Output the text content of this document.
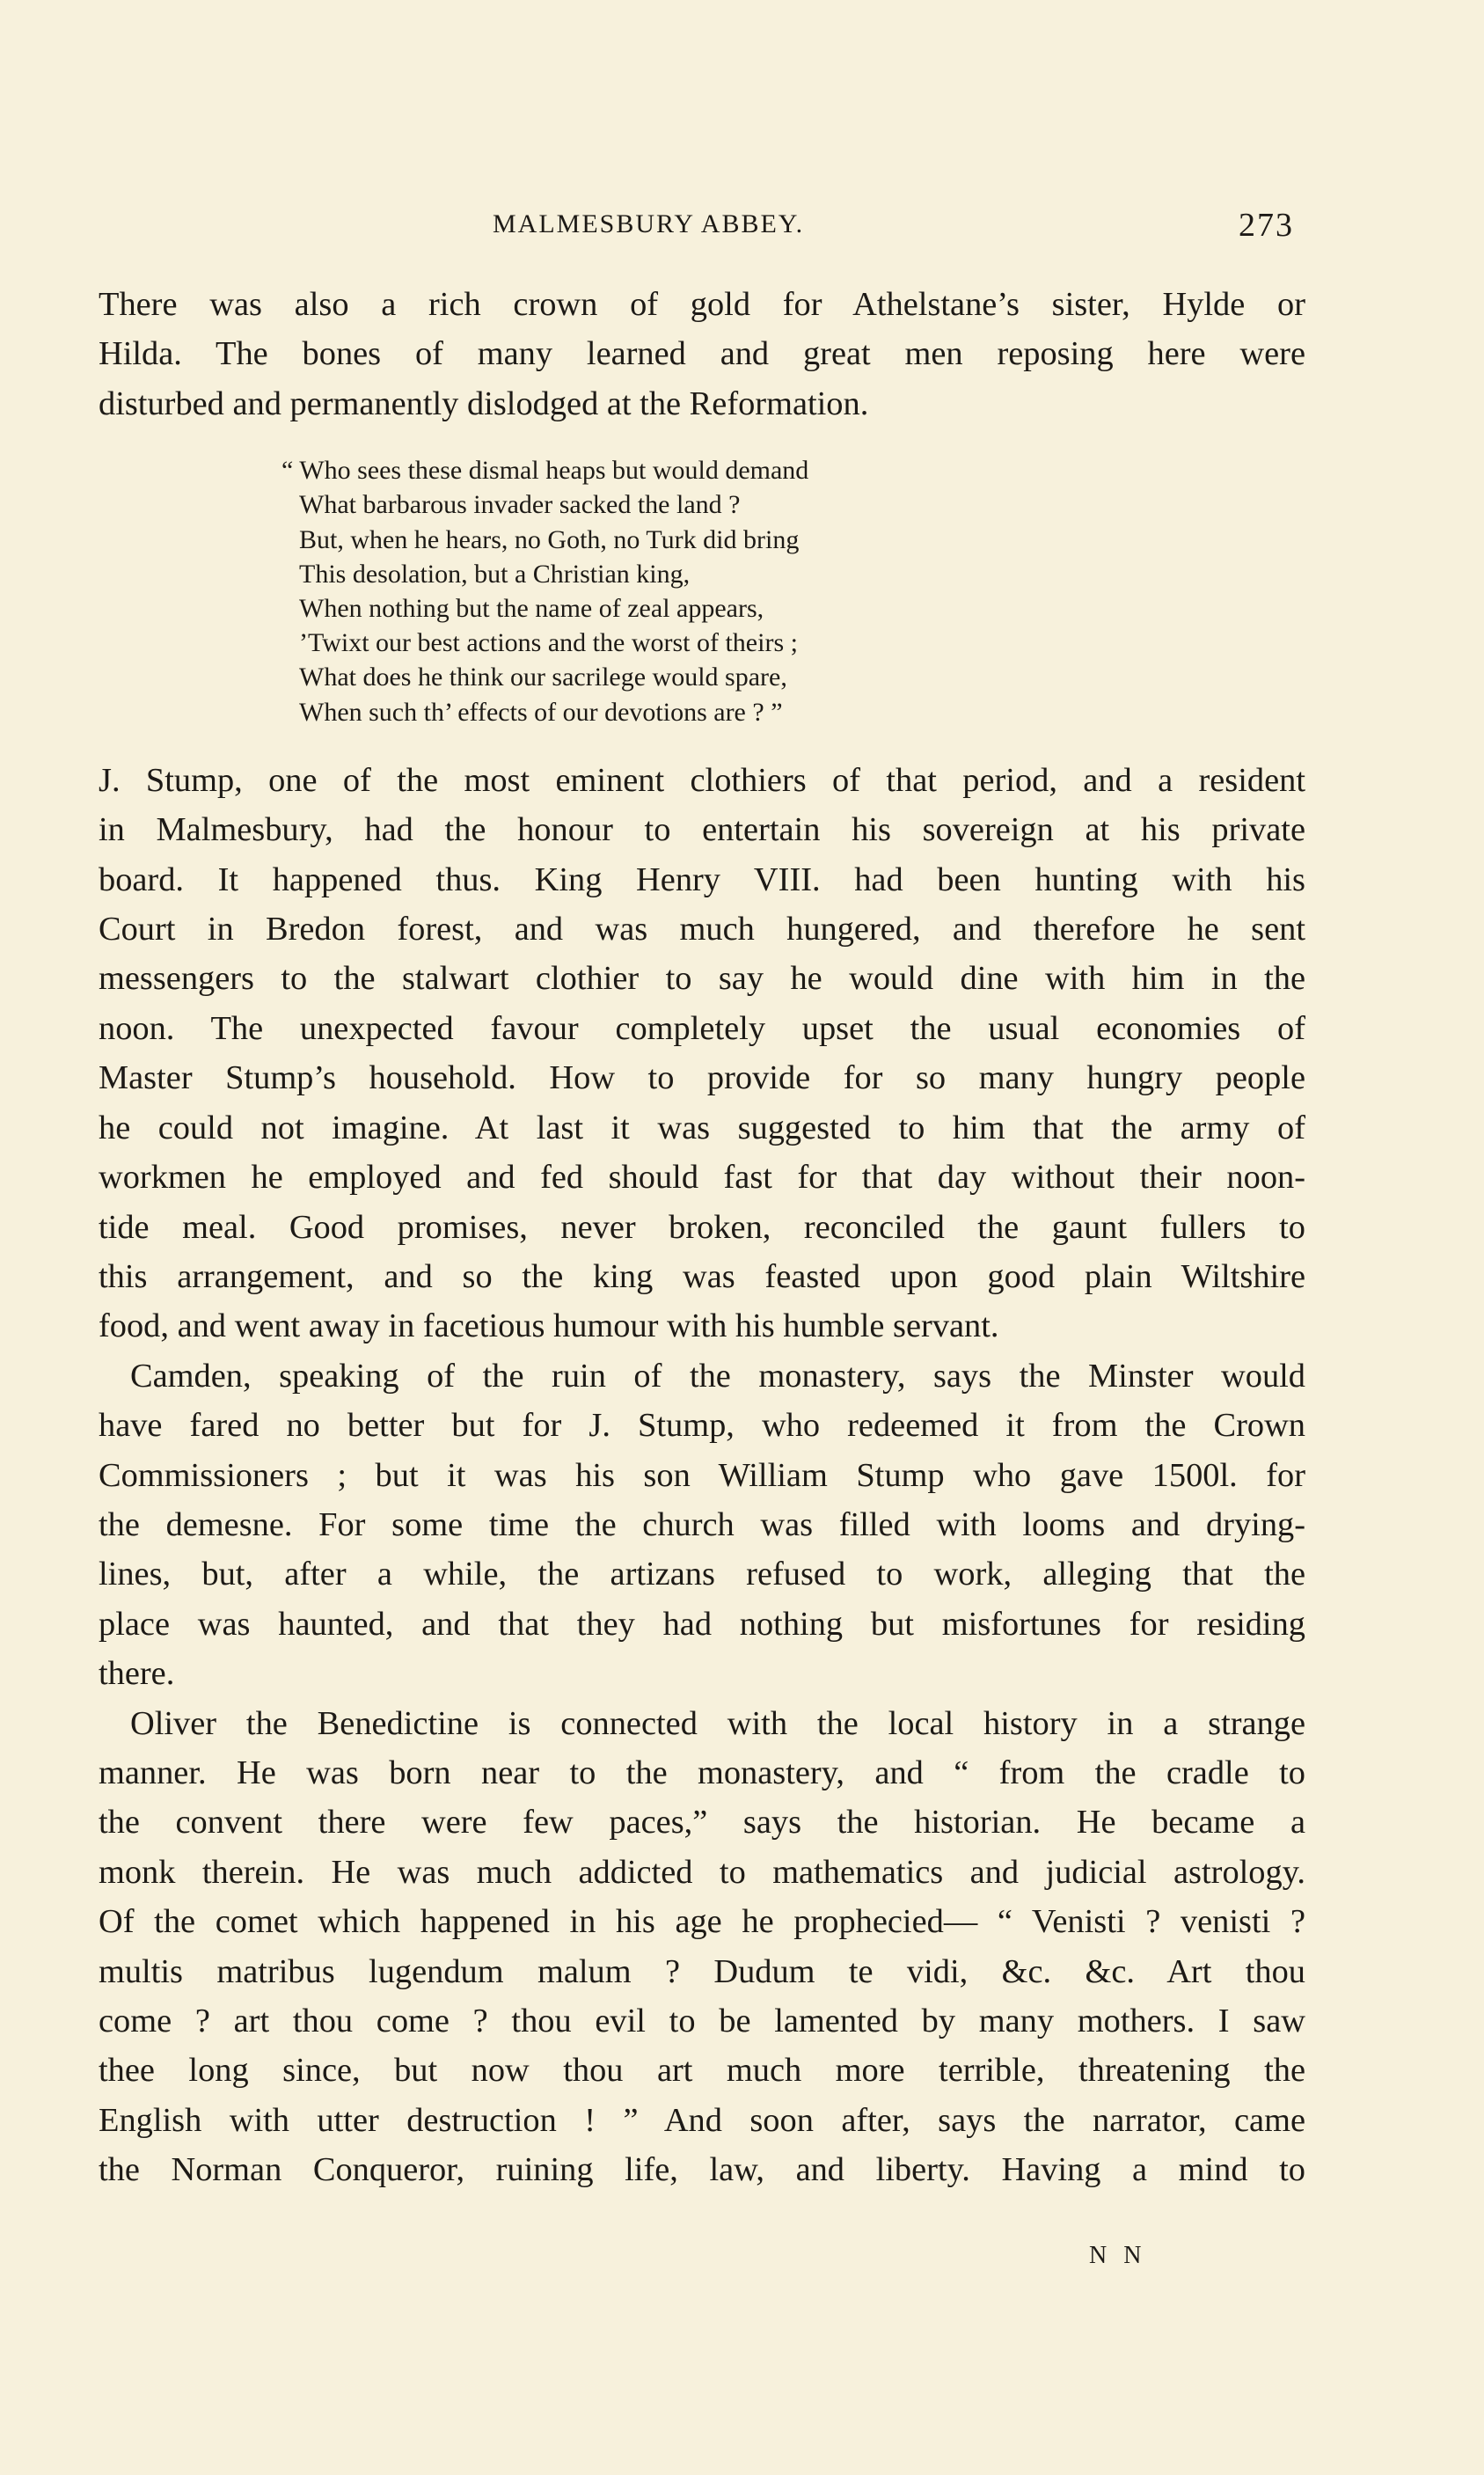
MALMESBURY ABBEY.	273

There was also a rich crown of gold for Athelstane’s sister, Hylde or
Hilda. The bones of many learned and great men reposing here were
disturbed and permanently dislodged at the Reformation.

“ Who sees these dismal heaps but would demand
What barbarous invader sacked the land ?
But, when he hears, no Goth, no Turk did bring
This desolation, but a Christian king,
When nothing but the name of zeal appears,
’Twixt our best actions and the worst of theirs ;
What does he think our sacrilege would spare,
When such th’ effects of our devotions are ? ”

J. Stump, one of the most eminent clothiers of that period, and a resident
in Malmesbury, had the honour to entertain his sovereign at his private
board. It happened thus. King Henry VIII. had been hunting with his
Court in Bredon forest, and was much hungered, and therefore he sent
messengers to the stalwart clothier to say he would dine with him in the
noon. The unexpected favour completely upset the usual economies of
Master Stump’s household. How to provide for so many hungry people
he could not imagine. At last it was suggested to him that the army of
workmen he employed and fed should fast for that day without their noon-
tide meal. Good promises, never broken, reconciled the gaunt fullers to
this arrangement, and so the king was feasted upon good plain Wiltshire
food, and went away in facetious humour with his humble servant.

Camden, speaking of the ruin of the monastery, says the Minster would
have fared no better but for J. Stump, who redeemed it from the Crown
Commissioners ; but it was his son William Stump who gave 1500l. for
the demesne. For some time the church was filled with looms and drying-
lines, but, after a while, the artizans refused to work, alleging that the
place was haunted, and that they had nothing but misfortunes for residing
there.

Oliver the Benedictine is connected with the local history in a strange
manner. He was born near to the monastery, and “ from the cradle to
the convent there were few paces,” says the historian. He became a
monk therein. He was much addicted to mathematics and judicial astrology.
Of the comet which happened in his age he prophecied— “ Venisti ? venisti ?
multis matribus lugendum malum ? Dudum te vidi, &c. &c. Art thou
come ? art thou come ? thou evil to be lamented by many mothers. I saw
thee long since, but now thou art much more terrible, threatening the
English with utter destruction ! ” And soon after, says the narrator, came
the Norman Conqueror, ruining life, law, and liberty. Having a mind to

N N
